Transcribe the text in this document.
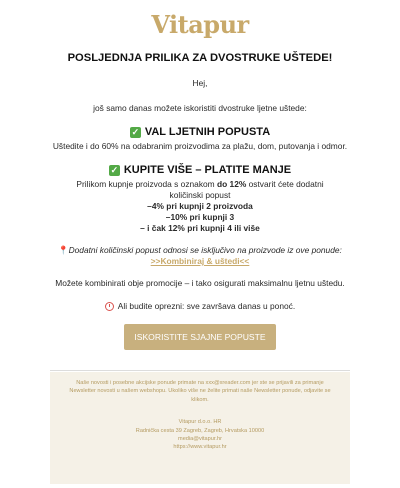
Vitapur
POSLJEDNJA PRILIKA ZA DVOSTRUKE UŠTEDE!
Hej,
još samo danas možete iskoristiti dvostruke ljetne uštede:
✓ VAL LJETNIH POPUSTA
Uštedite i do 60% na odabranim proizvodima za plažu, dom, putovanja i odmor.
✓ KUPITE VIŠE – PLATITE MANJE
Prilikom kupnje proizvoda s oznakom do 12% ostvarit ćete dodatni količinski popust
–4% pri kupnji 2 proizvoda
–10% pri kupnji 3
– i čak 12% pri kupnji 4 ili više
📍Dodatni količinski popust odnosi se isključivo na proizvode iz ove ponude:
>>Kombiniraj & uštedi<<
Možete kombinirati obje promocije – i tako osigurati maksimalnu ljetnu uštedu.
Ali budite oprezni: sve završava danas u ponoć.
ISKORISTITE SJAJNE POPUSTE
Naše novosti i posebne akcijske ponude primate na xxx@xreader.com jer ste se prijavili za primanje Newsletter novosti u našem webshopu. Ukoliko više ne želite primati naše Newsletter ponude, odjavite se klikom.
Vitapur d.o.o. HR
Radnička cesta 39 Zagreb, Zagreb, Hrvatska 10000
media@vitapur.hr
https://www.vitapur.hr
